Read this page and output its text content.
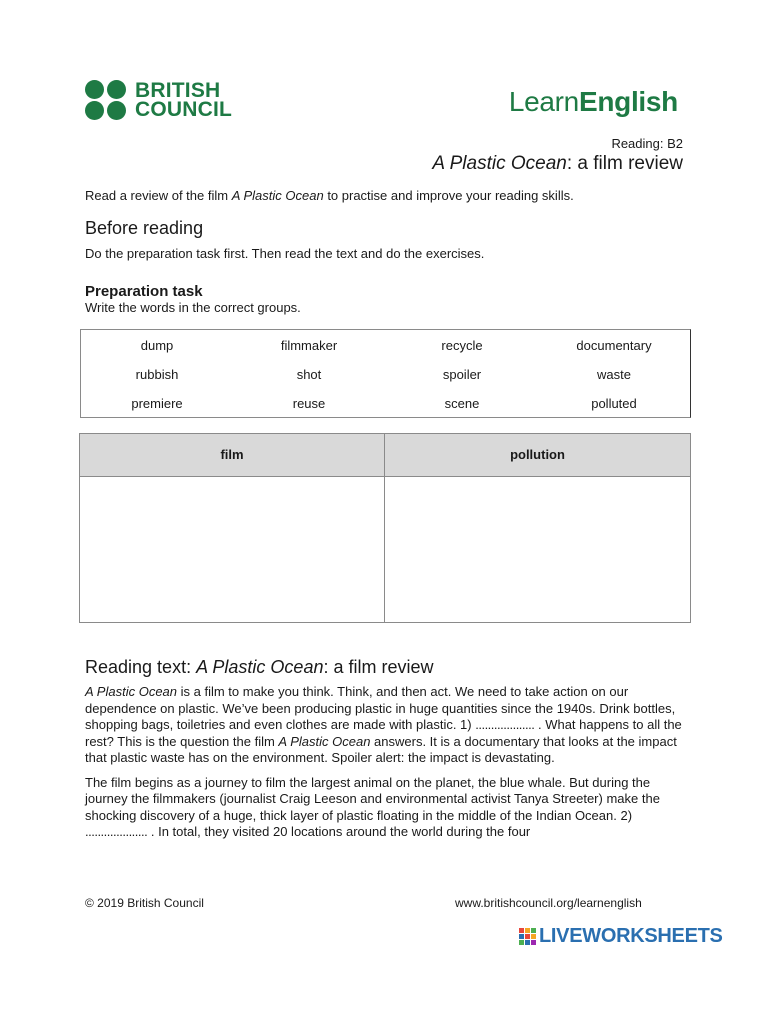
BRITISH
COUNCIL	LearnEnglish
Reading: B2
A Plastic Ocean: a film review
Read a review of the film A Plastic Ocean to practise and improve your reading skills.
Before reading
Do the preparation task first. Then read the text and do the exercises.
Preparation task
Write the words in the correct groups.
dump	filmmaker	recycle	documentary
rubbish	shot	spoiler	waste
premiere	reuse	scene	polluted
film	pollution
Reading text: A Plastic Ocean: a film review

A Plastic Ocean is a film to make you think. Think, and then act. We need to take action on our dependence on plastic. We’ve been producing plastic in huge quantities since the 1940s. Drink bottles, shopping bags, toiletries and even clothes are made with plastic. 1) ................... . What happens to all the rest? This is the question the film A Plastic Ocean answers. It is a documentary that looks at the impact that plastic waste has on the environment. Spoiler alert: the impact is devastating.

The film begins as a journey to film the largest animal on the planet, the blue whale. But during the journey the filmmakers (journalist Craig Leeson and environmental activist Tanya Streeter) make the shocking discovery of a huge, thick layer of plastic floating in the middle of the Indian Ocean. 2) .................... . In total, they visited 20 locations around the world during the four

© 2019 British Council	www.britishcouncil.org/learnenglish
LIVEWORKSHEETS
